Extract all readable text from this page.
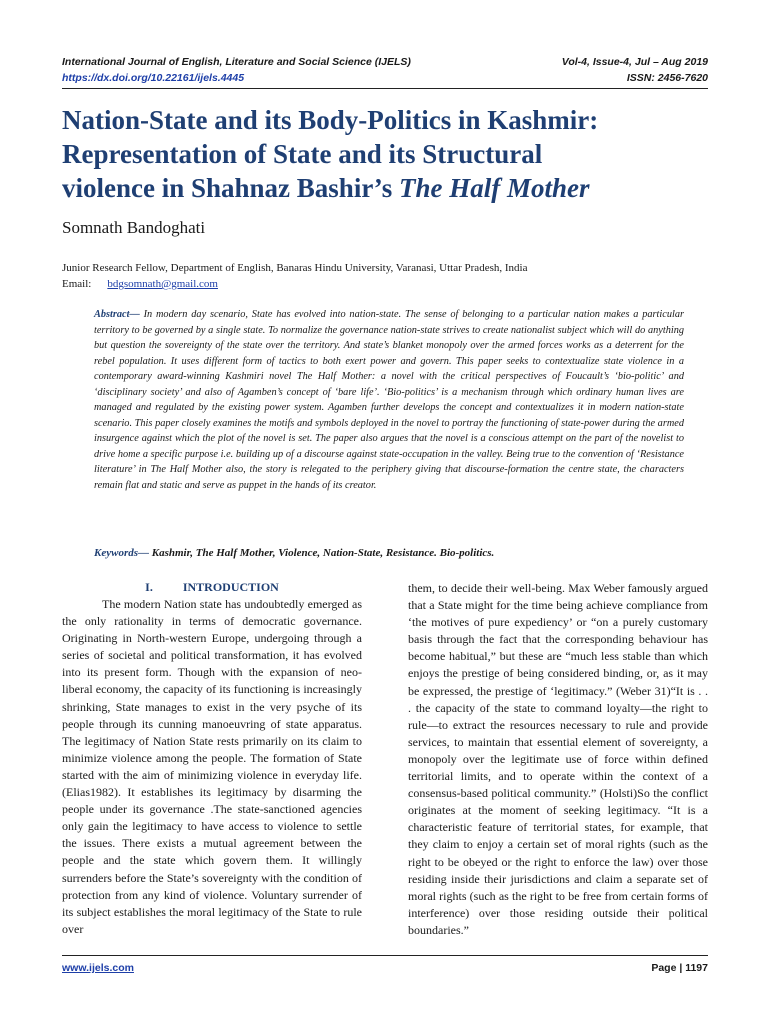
International Journal of English, Literature and Social Science (IJELS)	Vol-4, Issue-4, Jul – Aug 2019
https://dx.doi.org/10.22161/ijels.4445	ISSN: 2456-7620
Nation-State and its Body-Politics in Kashmir:
Representation of State and its Structural
violence in Shahnaz Bashir’s The Half Mother
Somnath Bandoghati
Junior Research Fellow, Department of English, Banaras Hindu University, Varanasi, Uttar Pradesh, India
Email: bdgsomnath@gmail.com

Abstract— In modern day scenario, State has evolved into nation-state. The sense of belonging to a particular nation makes a particular territory to be governed by a single state. To normalize the governance nation-state strives to create nationalist subject which will do anything but question the sovereignty of the state over the territory. And state’s blanket monopoly over the armed forces works as a deterrent for the rebel population. It uses different form of tactics to both exert power and govern. This paper seeks to contextualize state violence in a contemporary award-winning Kashmiri novel The Half Mother: a novel with the critical perspectives of Foucault’s ‘bio-politic’ and ‘disciplinary society’ and also of Agamben’s concept of ‘bare life’. ‘Bio-politics’ is a mechanism through which ordinary human lives are managed and regulated by the existing power system. Agamben further develops the concept and contextualizes it in modern nation-state scenario. This paper closely examines the motifs and symbols deployed in the novel to portray the functioning of state-power during the armed insurgence against which the plot of the novel is set. The paper also argues that the novel is a conscious attempt on the part of the novelist to drive home a specific purpose i.e. building up of a discourse against state-occupation in the valley. Being true to the convention of ‘Resistance literature’ in The Half Mother also, the story is relegated to the periphery giving that discourse-formation the centre state, the characters remain flat and static and serve as puppet in the hands of its creator.

Keywords— Kashmir, The Half Mother, Violence, Nation-State, Resistance. Bio-politics.
I.          INTRODUCTION

The modern Nation state has undoubtedly emerged as the only rationality in terms of democratic governance. Originating in North-western Europe, undergoing through a series of societal and political transformation, it has evolved into its present form. Though with the expansion of neo-liberal economy, the capacity of its functioning is increasingly shrinking, State manages to exist in the very psyche of its people through its cunning manoeuvring of state apparatus. The legitimacy of Nation State rests primarily on its claim to minimize violence among the people. The formation of State started with the aim of minimizing violence in everyday life. (Elias1982). It establishes its legitimacy by disarming the people under its governance .The state-sanctioned agencies only gain the legitimacy to have access to violence to settle the issues. There exists a mutual agreement between the people and the state which govern them. It willingly surrenders before the State’s sovereignty with the condition of protection from any kind of violence. Voluntary surrender of its subject establishes the moral legitimacy of the State to rule over

them, to decide their well-being. Max Weber famously argued that a State might for the time being achieve compliance from ‘the motives of pure expediency’ or “on a purely customary basis through the fact that the corresponding behaviour has become habitual,” but these are “much less stable than which enjoys the prestige of being considered binding, or, as it may be expressed, the prestige of ‘legitimacy.” (Weber 31)“It is . . . the capacity of the state to command loyalty—the right to rule—to extract the resources necessary to rule and provide services, to maintain that essential element of sovereignty, a monopoly over the legitimate use of force within defined territorial limits, and to operate within the context of a consensus-based political community.” (Holsti)So the conflict originates at the moment of seeking legitimacy. “It is a characteristic feature of territorial states, for example, that they claim to enjoy a certain set of moral rights (such as the right to be obeyed or the right to enforce the law) over those residing inside their jurisdictions and claim a separate set of moral rights (such as the right to be free from certain forms of interference) over those residing outside their political boundaries.”

www.ijels.com	Page | 1197
